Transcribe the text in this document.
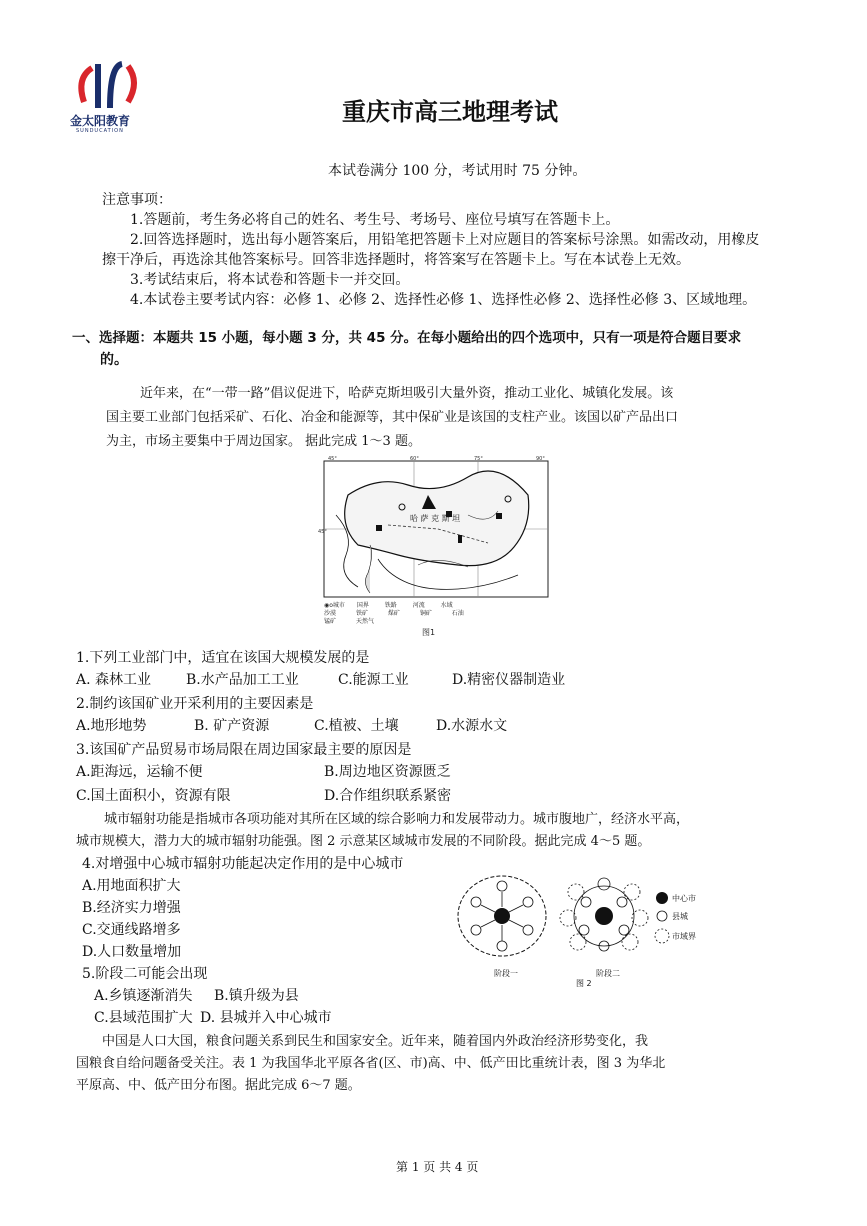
金太阳教育
SUNDUCATION
重庆市高三地理考试
本试卷满分 100 分，考试用时 75 分钟。
注意事项：
1.答题前，考生务必将自己的姓名、考生号、考场号、座位号填写在答题卡上。
2.回答选择题时，选出每小题答案后，用铅笔把答题卡上对应题目的答案标号涂黑。如需改动，用橡皮
擦干净后，再选涂其他答案标号。回答非选择题时，将答案写在答题卡上。写在本试卷上无效。
3.考试结束后，将本试卷和答题卡一并交回。
4.本试卷主要考试内容：必修 1、必修 2、选择性必修 1、选择性必修 2、选择性必修 3、区域地理。
一、选择题：本题共 15 小题，每小题 3 分，共 45 分。在每小题给出的四个选项中，只有一项是符合题目要求
的。
近年来，在“一带一路”倡议促进下，哈萨克斯坦吸引大量外资，推动工业化、城镇化发展。该
国主要工业部门包括采矿、石化、冶金和能源等，其中保矿业是该国的支柱产业。该国以矿产品出口
为主，市场主要集中于周边国家。 据此完成 1～3 题。
哈 萨 克 斯 坦
45°	60°	75°	90°
45°
◉o城市 国界	铁路	河流	水域
沙漠	铁矿	煤矿	铜矿	石油
锰矿	天然气
图1
1.下列工业部门中，适宜在该国大规模发展的是
A. 森林工业 B.水产品加工工业	C.能源工业	D.精密仪器制造业
2.制约该国矿业开采利用的主要因素是
A.地形地势	B. 矿产资源	C.植被、土壤	D.水源水文
3.该国矿产品贸易市场局限在周边国家最主要的原因是
A.距海远，运输不便	B.周边地区资源匮乏
C.国土面积小，资源有限	D.合作组织联系紧密
城市辐射功能是指城市各项功能对其所在区域的综合影响力和发展带动力。城市腹地广，经济水平高，
城市规模大，潜力大的城市辐射功能强。图 2 示意某区域城市发展的不同阶段。据此完成 4～5 题。
4.对增强中心城市辐射功能起决定作用的是中心城市
A.用地面积扩大
B.经济实力增强
C.交通线路增多
D.人口数量增加
5.阶段二可能会出现
A.乡镇逐渐消失 B.镇升级为县
C.县域范围扩大 D. 县城并入中心城市
中心市
县城
市域界
阶段一	阶段二
图 2
中国是人口大国，粮食问题关系到民生和国家安全。近年来，随着国内外政治经济形势变化，我
国粮食自给问题备受关注。表 1 为我国华北平原各省(区、市)高、中、低产田比重统计表，图 3 为华北
平原高、中、低产田分布图。据此完成 6～7 题。
第 1 页 共 4 页
